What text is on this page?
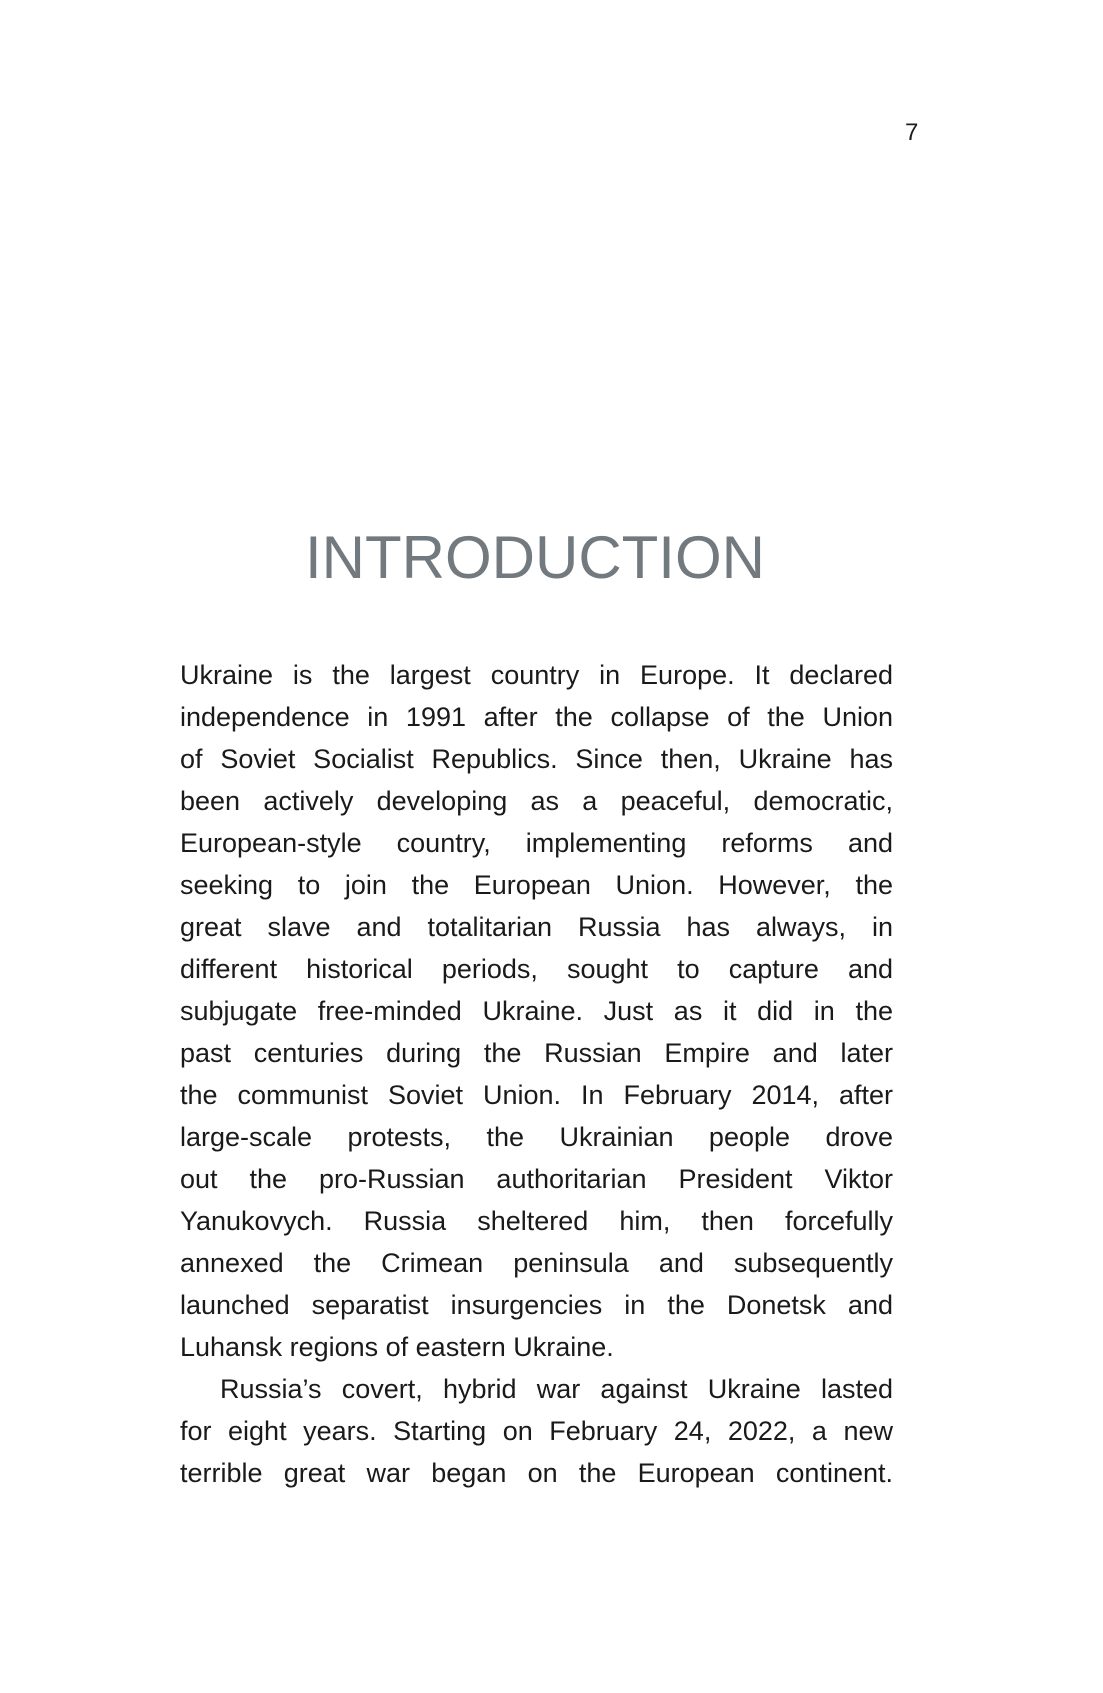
7
INTRODUCTION
Ukraine is the largest country in Europe. It declared
independence in 1991 after the collapse of the Union
of Soviet Socialist Republics. Since then, Ukraine has
been actively developing as a peaceful, democratic,
European-style country, implementing reforms and
seeking to join the European Union. However, the
great slave and totalitarian Russia has always, in
different historical periods, sought to capture and
subjugate free-minded Ukraine. Just as it did in the
past centuries during the Russian Empire and later
the communist Soviet Union. In February 2014, after
large-scale protests, the Ukrainian people drove
out the pro-Russian authoritarian President Viktor
Yanukovych. Russia sheltered him, then forcefully
annexed the Crimean peninsula and subsequently
launched separatist insurgencies in the Donetsk and
Luhansk regions of eastern Ukraine.
Russia’s covert, hybrid war against Ukraine lasted
for eight years. Starting on February 24, 2022, a new
terrible great war began on the European continent.
